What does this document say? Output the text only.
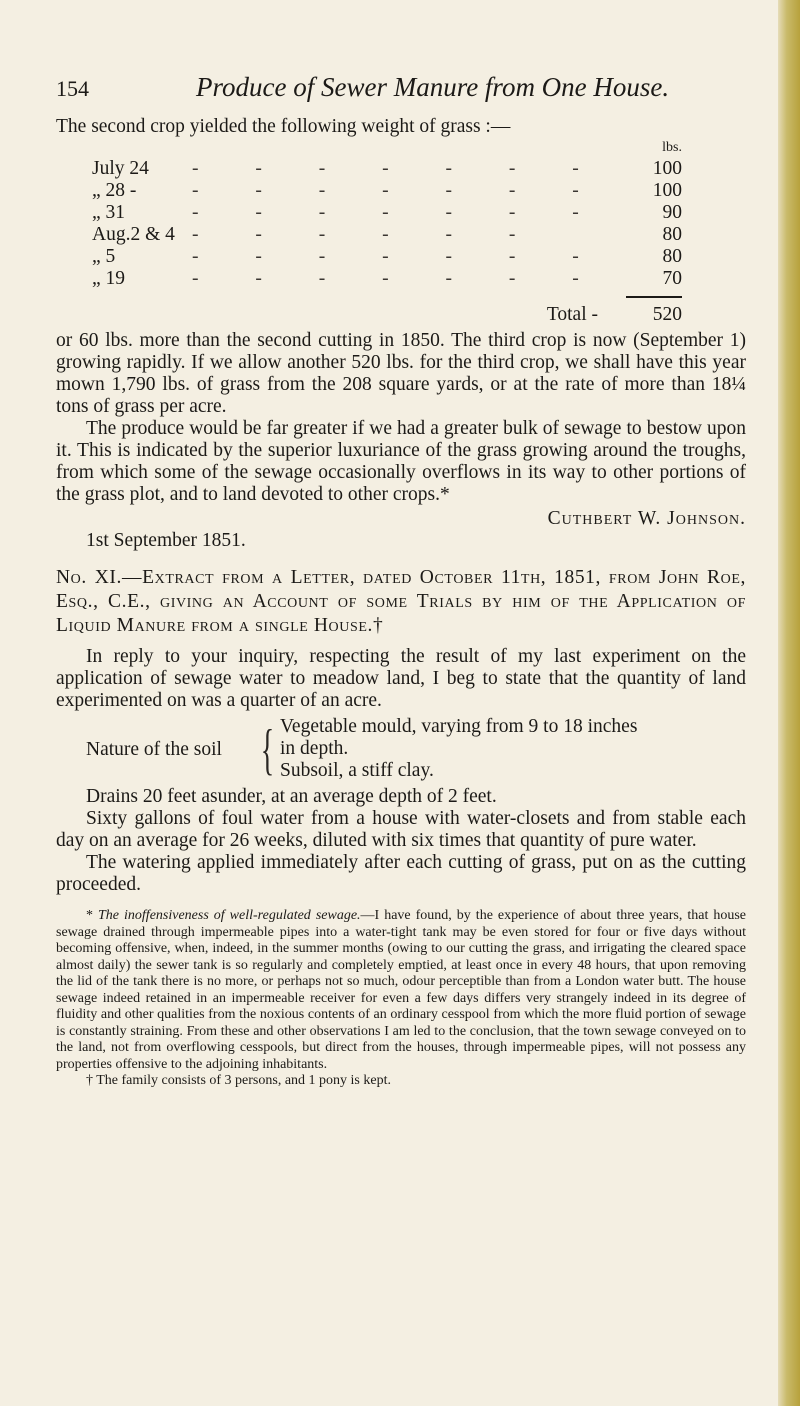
154	Produce of Sewer Manure from One House.
The second crop yielded the following weight of grass :—
lbs.
July 24	- - - - - - -	100
„ 28 -	- - - - - - -	100
„ 31	- - - - - - -	90
Aug.2 & 4	- - - - - -	80
„ 5	- - - - - - -	80
„ 19	- - - - - - -	70
Total -	520

or 60 lbs. more than the second cutting in 1850. The third crop is now (September 1) growing rapidly. If we allow another 520 lbs. for the third crop, we shall have this year mown 1,790 lbs. of grass from the 208 square yards, or at the rate of more than 18¼ tons of grass per acre.

The produce would be far greater if we had a greater bulk of sewage to bestow upon it. This is indicated by the superior luxuriance of the grass growing around the troughs, from which some of the sewage occasionally overflows in its way to other portions of the grass plot, and to land devoted to other crops.*

Cuthbert W. Johnson.
1st September 1851.
No. XI.—Extract from a Letter, dated October 11th, 1851, from John Roe, Esq., C.E., giving an Account of some Trials by him of the Application of Liquid Manure from a single House.†

In reply to your inquiry, respecting the result of my last experiment on the application of sewage water to meadow land, I beg to state that the quantity of land experimented on was a quarter of an acre.

Nature of the soil { Vegetable mould, varying from 9 to 18 inches
in depth.
Subsoil, a stiff clay.

Drains 20 feet asunder, at an average depth of 2 feet.

Sixty gallons of foul water from a house with water-closets and from stable each day on an average for 26 weeks, diluted with six times that quantity of pure water.

The watering applied immediately after each cutting of grass, put on as the cutting proceeded.

* The inoffensiveness of well-regulated sewage.—I have found, by the experience of about three years, that house sewage drained through impermeable pipes into a water-tight tank may be even stored for four or five days without becoming offensive, when, indeed, in the summer months (owing to our cutting the grass, and irrigating the cleared space almost daily) the sewer tank is so regularly and completely emptied, at least once in every 48 hours, that upon removing the lid of the tank there is no more, or perhaps not so much, odour perceptible than from a London water butt. The house sewage indeed retained in an impermeable receiver for even a few days differs very strangely indeed in its degree of fluidity and other qualities from the noxious contents of an ordinary cesspool from which the more fluid portion of sewage is constantly straining. From these and other observations I am led to the conclusion, that the town sewage conveyed on to the land, not from overflowing cesspools, but direct from the houses, through impermeable pipes, will not possess any properties offensive to the adjoining inhabitants.

† The family consists of 3 persons, and 1 pony is kept.
